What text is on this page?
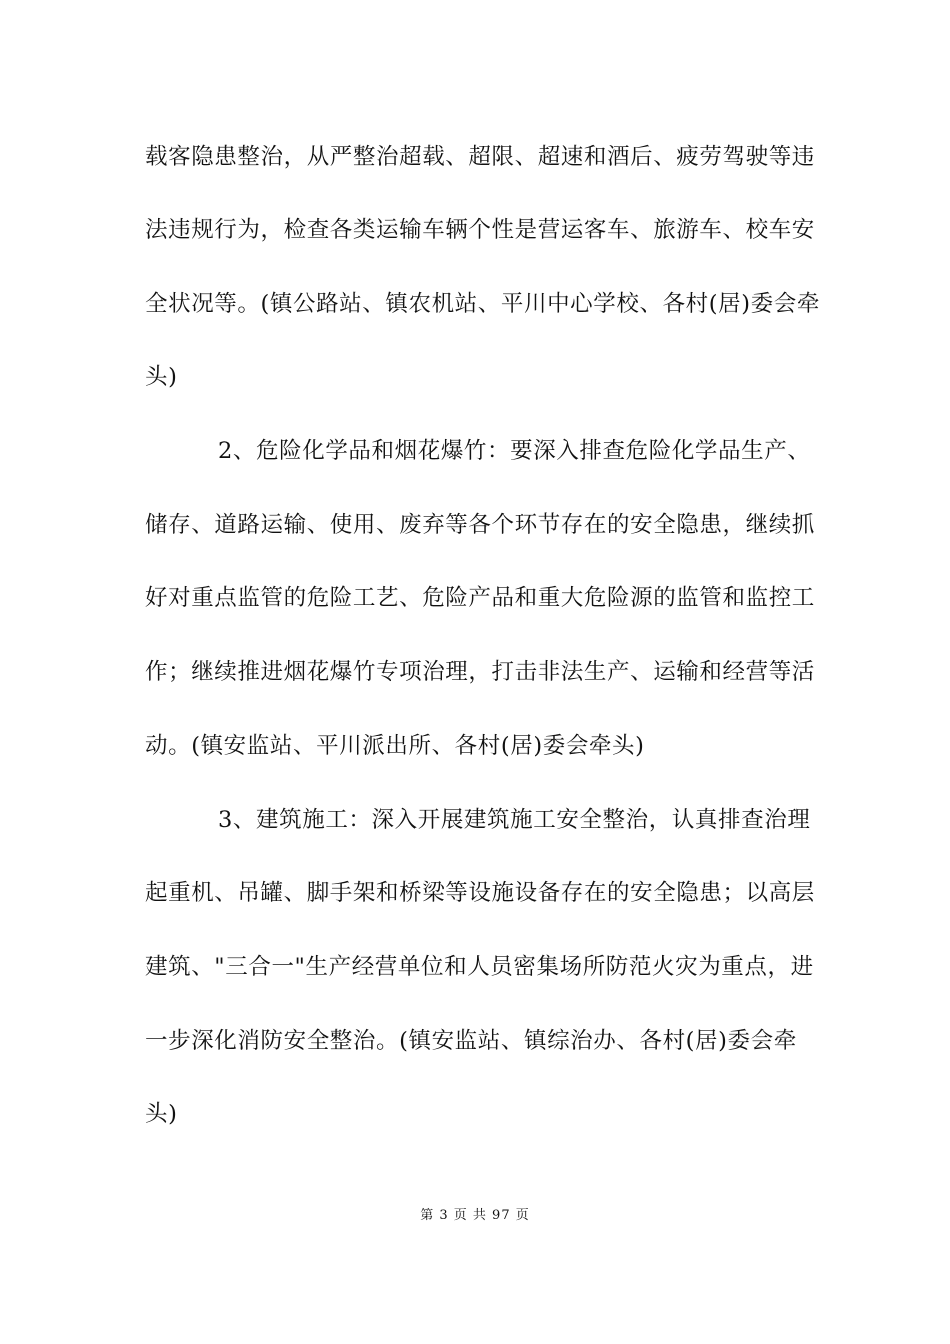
载客隐患整治，从严整治超载、超限、超速和酒后、疲劳驾驶等违
法违规行为，检查各类运输车辆个性是营运客车、旅游车、校车安
全状况等。(镇公路站、镇农机站、平川中心学校、各村(居)委会牵
头)
2、危险化学品和烟花爆竹：要深入排查危险化学品生产、
储存、道路运输、使用、废弃等各个环节存在的安全隐患，继续抓
好对重点监管的危险工艺、危险产品和重大危险源的监管和监控工
作；继续推进烟花爆竹专项治理，打击非法生产、运输和经营等活
动。(镇安监站、平川派出所、各村(居)委会牵头)
3、建筑施工：深入开展建筑施工安全整治，认真排查治理
起重机、吊罐、脚手架和桥梁等设施设备存在的安全隐患；以高层
建筑、"三合一"生产经营单位和人员密集场所防范火灾为重点，进
一步深化消防安全整治。(镇安监站、镇综治办、各村(居)委会牵
头)
第 3 页 共 97 页
